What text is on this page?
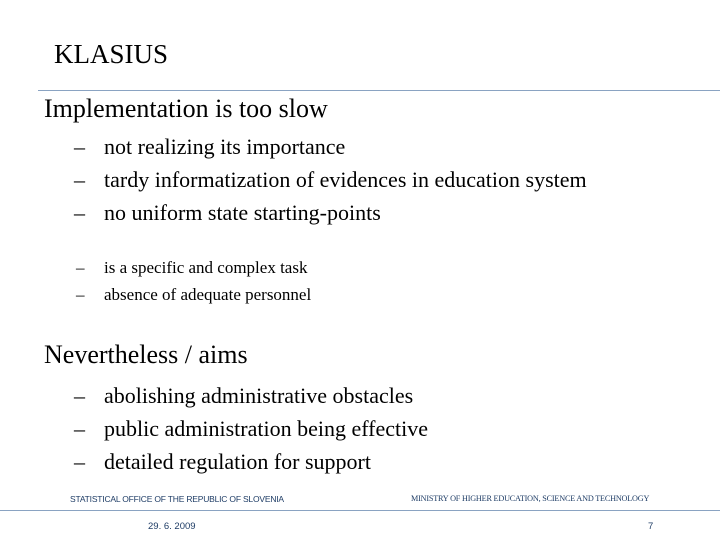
KLASIUS
Implementation is too slow
– not realizing its importance
– tardy informatization of evidences in education system
– no uniform state starting-points
– is a specific and complex task
– absence of adequate personnel
Nevertheless / aims
– abolishing administrative obstacles
– public administration being effective
– detailed regulation for support
STATISTICAL OFFICE OF THE REPUBLIC OF SLOVENIA	MINISTRY OF HIGHER EDUCATION, SCIENCE AND TECHNOLOGY
29. 6. 2009	7
